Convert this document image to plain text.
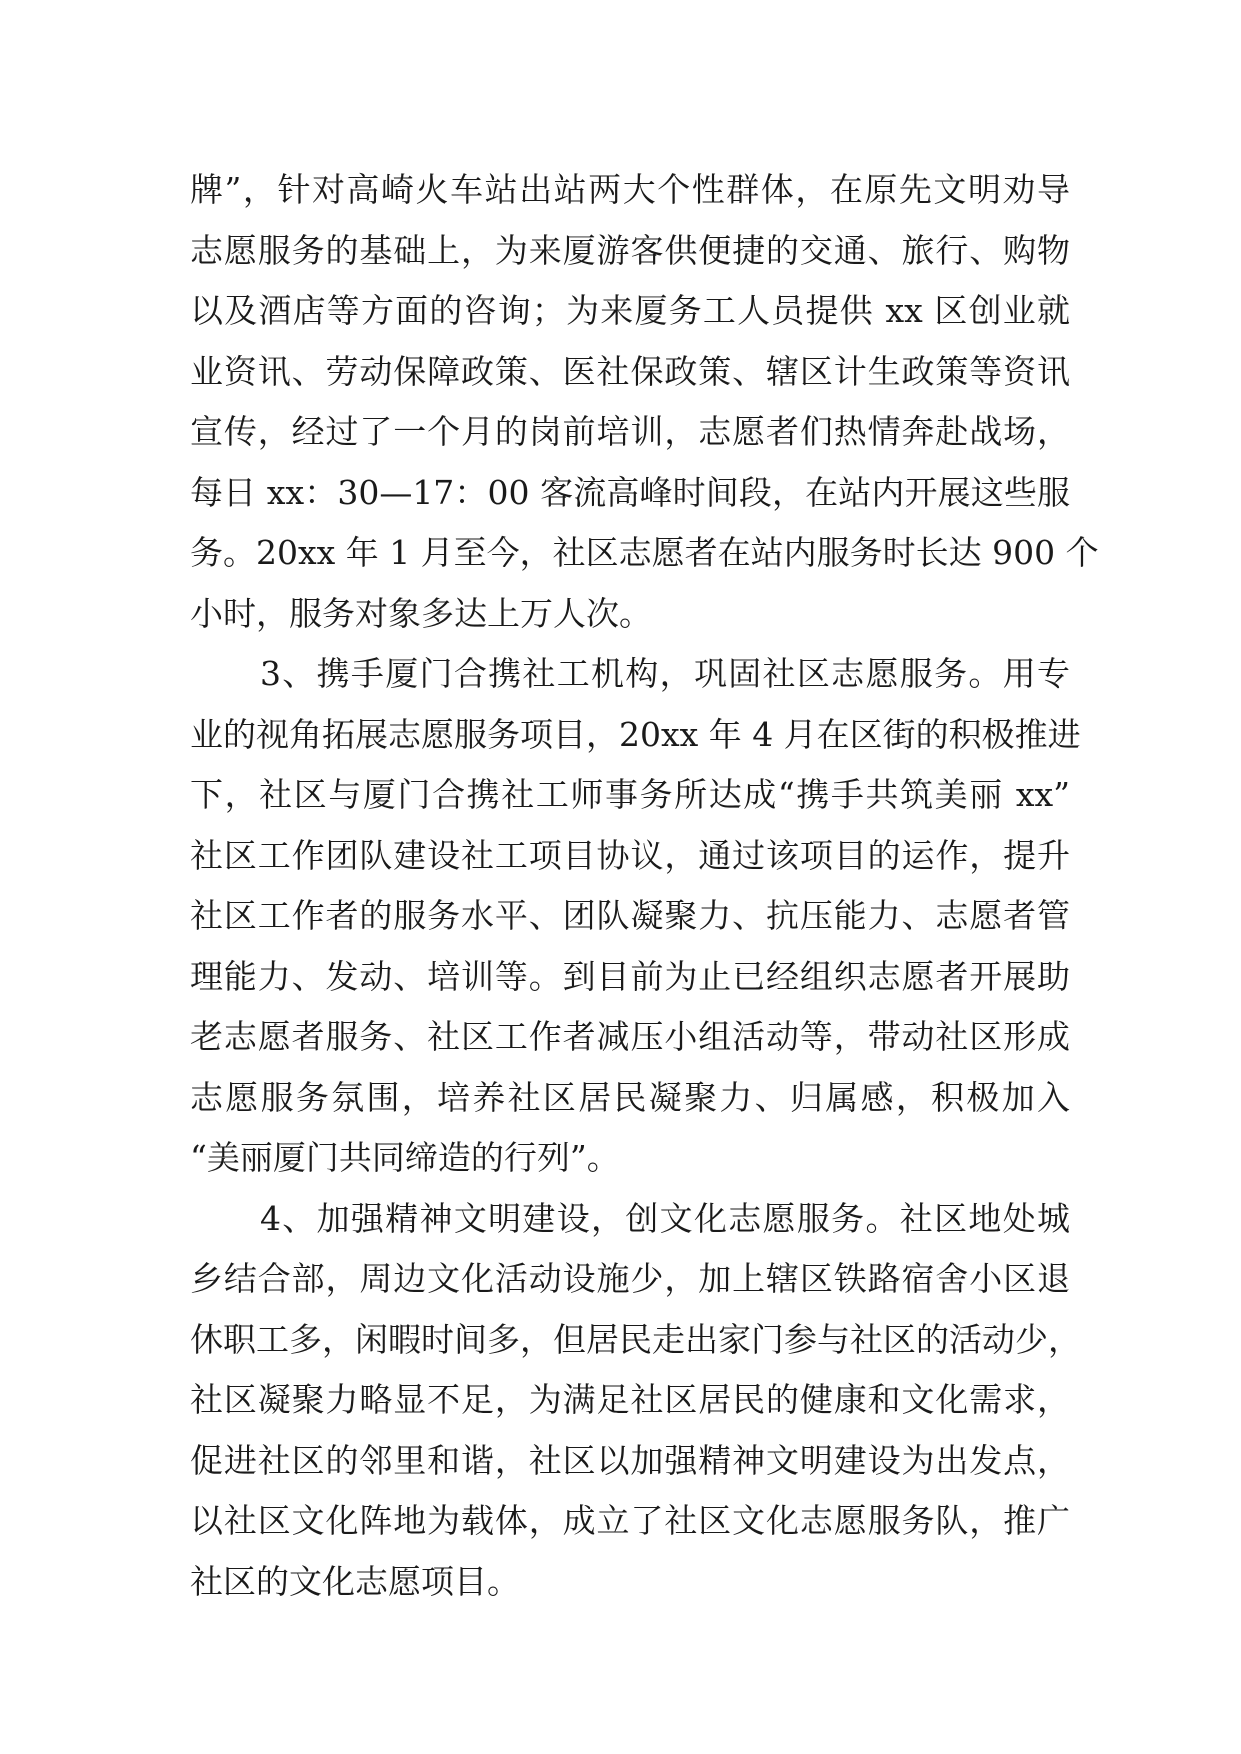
牌”，针对高崎火车站出站两大个性群体，在原先文明劝导
志愿服务的基础上，为来厦游客供便捷的交通、旅行、购物
以及酒店等方面的咨询；为来厦务工人员提供 xx 区创业就
业资讯、劳动保障政策、医社保政策、辖区计生政策等资讯
宣传，经过了一个月的岗前培训，志愿者们热情奔赴战场，
每日 xx：30—17：00 客流高峰时间段，在站内开展这些服
务。20xx 年 1 月至今，社区志愿者在站内服务时长达 900 个
小时，服务对象多达上万人次。
3、携手厦门合携社工机构，巩固社区志愿服务。用专
业的视角拓展志愿服务项目，20xx 年 4 月在区街的积极推进
下，社区与厦门合携社工师事务所达成“携手共筑美丽 xx”
社区工作团队建设社工项目协议，通过该项目的运作，提升
社区工作者的服务水平、团队凝聚力、抗压能力、志愿者管
理能力、发动、培训等。到目前为止已经组织志愿者开展助
老志愿者服务、社区工作者减压小组活动等，带动社区形成
志愿服务氛围，培养社区居民凝聚力、归属感，积极加入
“美丽厦门共同缔造的行列”。
4、加强精神文明建设，创文化志愿服务。社区地处城
乡结合部，周边文化活动设施少，加上辖区铁路宿舍小区退
休职工多，闲暇时间多，但居民走出家门参与社区的活动少，
社区凝聚力略显不足，为满足社区居民的健康和文化需求，
促进社区的邻里和谐，社区以加强精神文明建设为出发点，
以社区文化阵地为载体，成立了社区文化志愿服务队，推广
社区的文化志愿项目。
